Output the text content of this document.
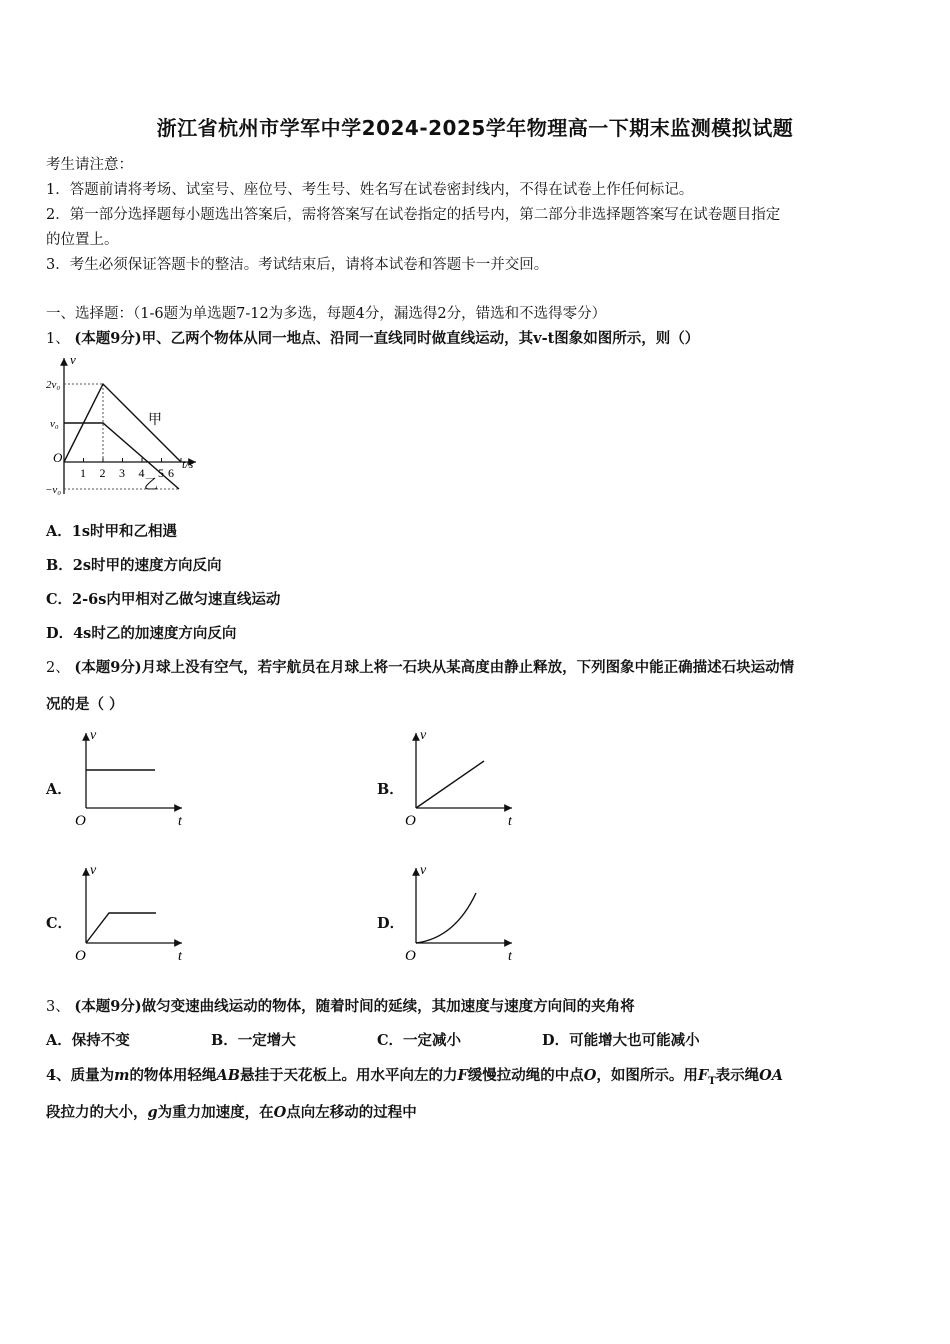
浙江省杭州市学军中学2024-2025学年物理高一下期末监测模拟试题
考生请注意：
1．答题前请将考场、试室号、座位号、考生号、姓名写在试卷密封线内，不得在试卷上作任何标记。
2．第一部分选择题每小题选出答案后，需将答案写在试卷指定的括号内，第二部分非选择题答案写在试卷题目指定
的位置上。
3．考生必须保证答题卡的整洁。考试结束后，请将本试卷和答题卡一并交回。
一、选择题：（1-6题为单选题7-12为多选，每题4分，漏选得2分，错选和不选得零分）
1、 (本题9分)甲、乙两个物体从同一地点、沿同一直线同时做直线运动，其v-t图象如图所示，则（）
v
t/s
O
2v₀
v₀
−v₀
1 2 3 4 5 6
甲
乙
A．1s时甲和乙相遇
B．2s时甲的速度方向反向
C．2-6s内甲相对乙做匀速直线运动
D．4s时乙的加速度方向反向
2、 (本题9分)月球上没有空气，若宇航员在月球上将一石块从某高度由静止释放，下列图象中能正确描述石块运动情
况的是（ ）
A．
v
t
O
B．
v
t
O
C．
v
t
O
D．
v
t
O
3、 (本题9分)做匀变速曲线运动的物体，随着时间的延续，其加速度与速度方向间的夹角将
A．保持不变	B．一定增大	C．一定减小	D．可能增大也可能减小
4、质量为m的物体用轻绳AB悬挂于天花板上。用水平向左的力F缓慢拉动绳的中点O，如图所示。用$F_T$表示绳OA
段拉力的大小，g为重力加速度，在O点向左移动的过程中
